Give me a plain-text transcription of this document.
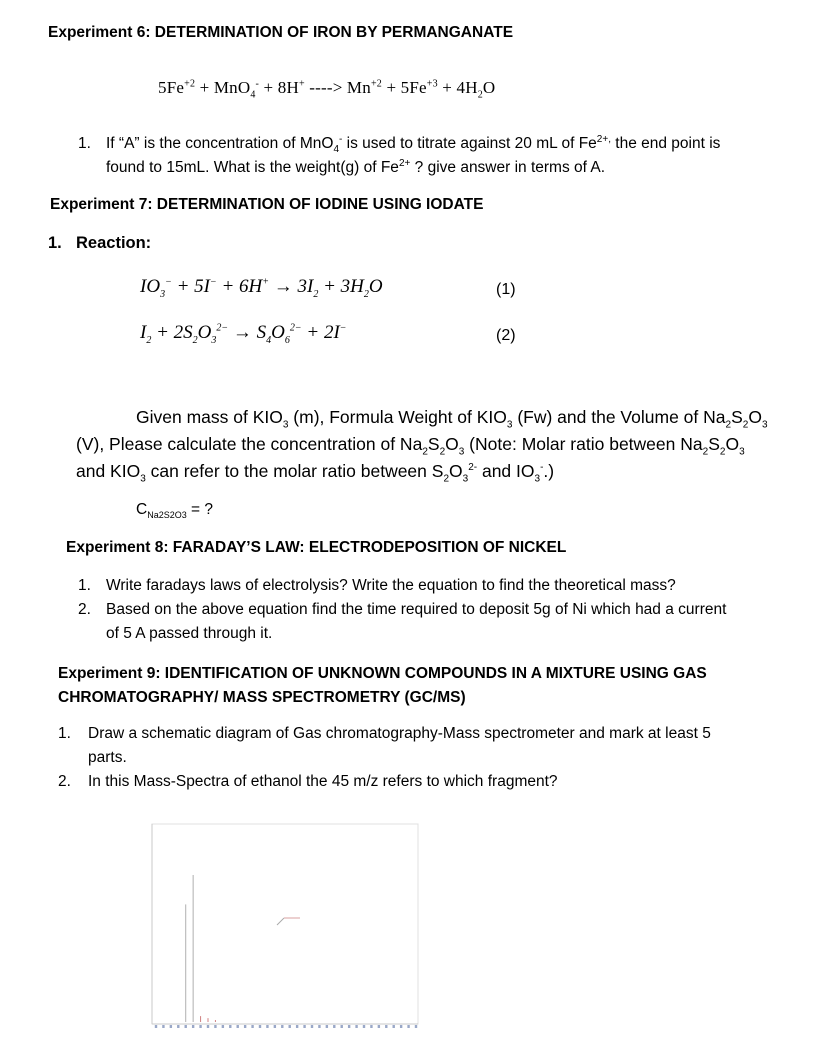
Experiment 6: DETERMINATION OF IRON BY PERMANGANATE
$5Fe^{+2} + MnO_4^- + 8H^+$ ----> $Mn^{+2} + 5Fe^{+3} + 4H_2O$
1. If “A” is the concentration of MnO$_4$- is used to titrate against 20 mL of $Fe^{2+,}$ the end point is
found to 15mL. What is the weight(g) of $Fe^{2+}$ ? give answer in terms of A.
Experiment 7: DETERMINATION OF IODINE USING IODATE
1. Reaction:
$IO_3^- + 5I^- + 6H^+ \to 3I_2 + 3H_2O$	(1)
$I_2 + 2S_2O_3^{2-} \to S_4O_6^{2-} + 2I^-$	(2)
Given mass of $KIO_3$ (m), Formula Weight of $KIO_3$ (Fw) and the Volume of $Na_2S_2O_3$
(V), Please calculate the concentration of $Na_2S_2O_3$ (Note: Molar ratio between $Na_2S_2O_3$
and $KIO_3$ can refer to the molar ratio between $S_2O_3^{2-}$ and $IO_3^-$.)
$C_{Na2S2O3}$ = ?
Experiment 8: FARADAY’S LAW: ELECTRODEPOSITION OF NICKEL
1. Write faradays laws of electrolysis? Write the equation to find the theoretical mass?
2. Based on the above equation find the time required to deposit 5g of Ni which had a current
of 5 A passed through it.
Experiment 9: IDENTIFICATION OF UNKNOWN COMPOUNDS IN A MIXTURE USING GAS
CHROMATOGRAPHY/ MASS SPECTROMETRY (GC/MS)
1. Draw a schematic diagram of Gas chromatography-Mass spectrometer and mark at least 5
parts.
2. In this Mass-Spectra of ethanol the 45 m/z refers to which fragment?
